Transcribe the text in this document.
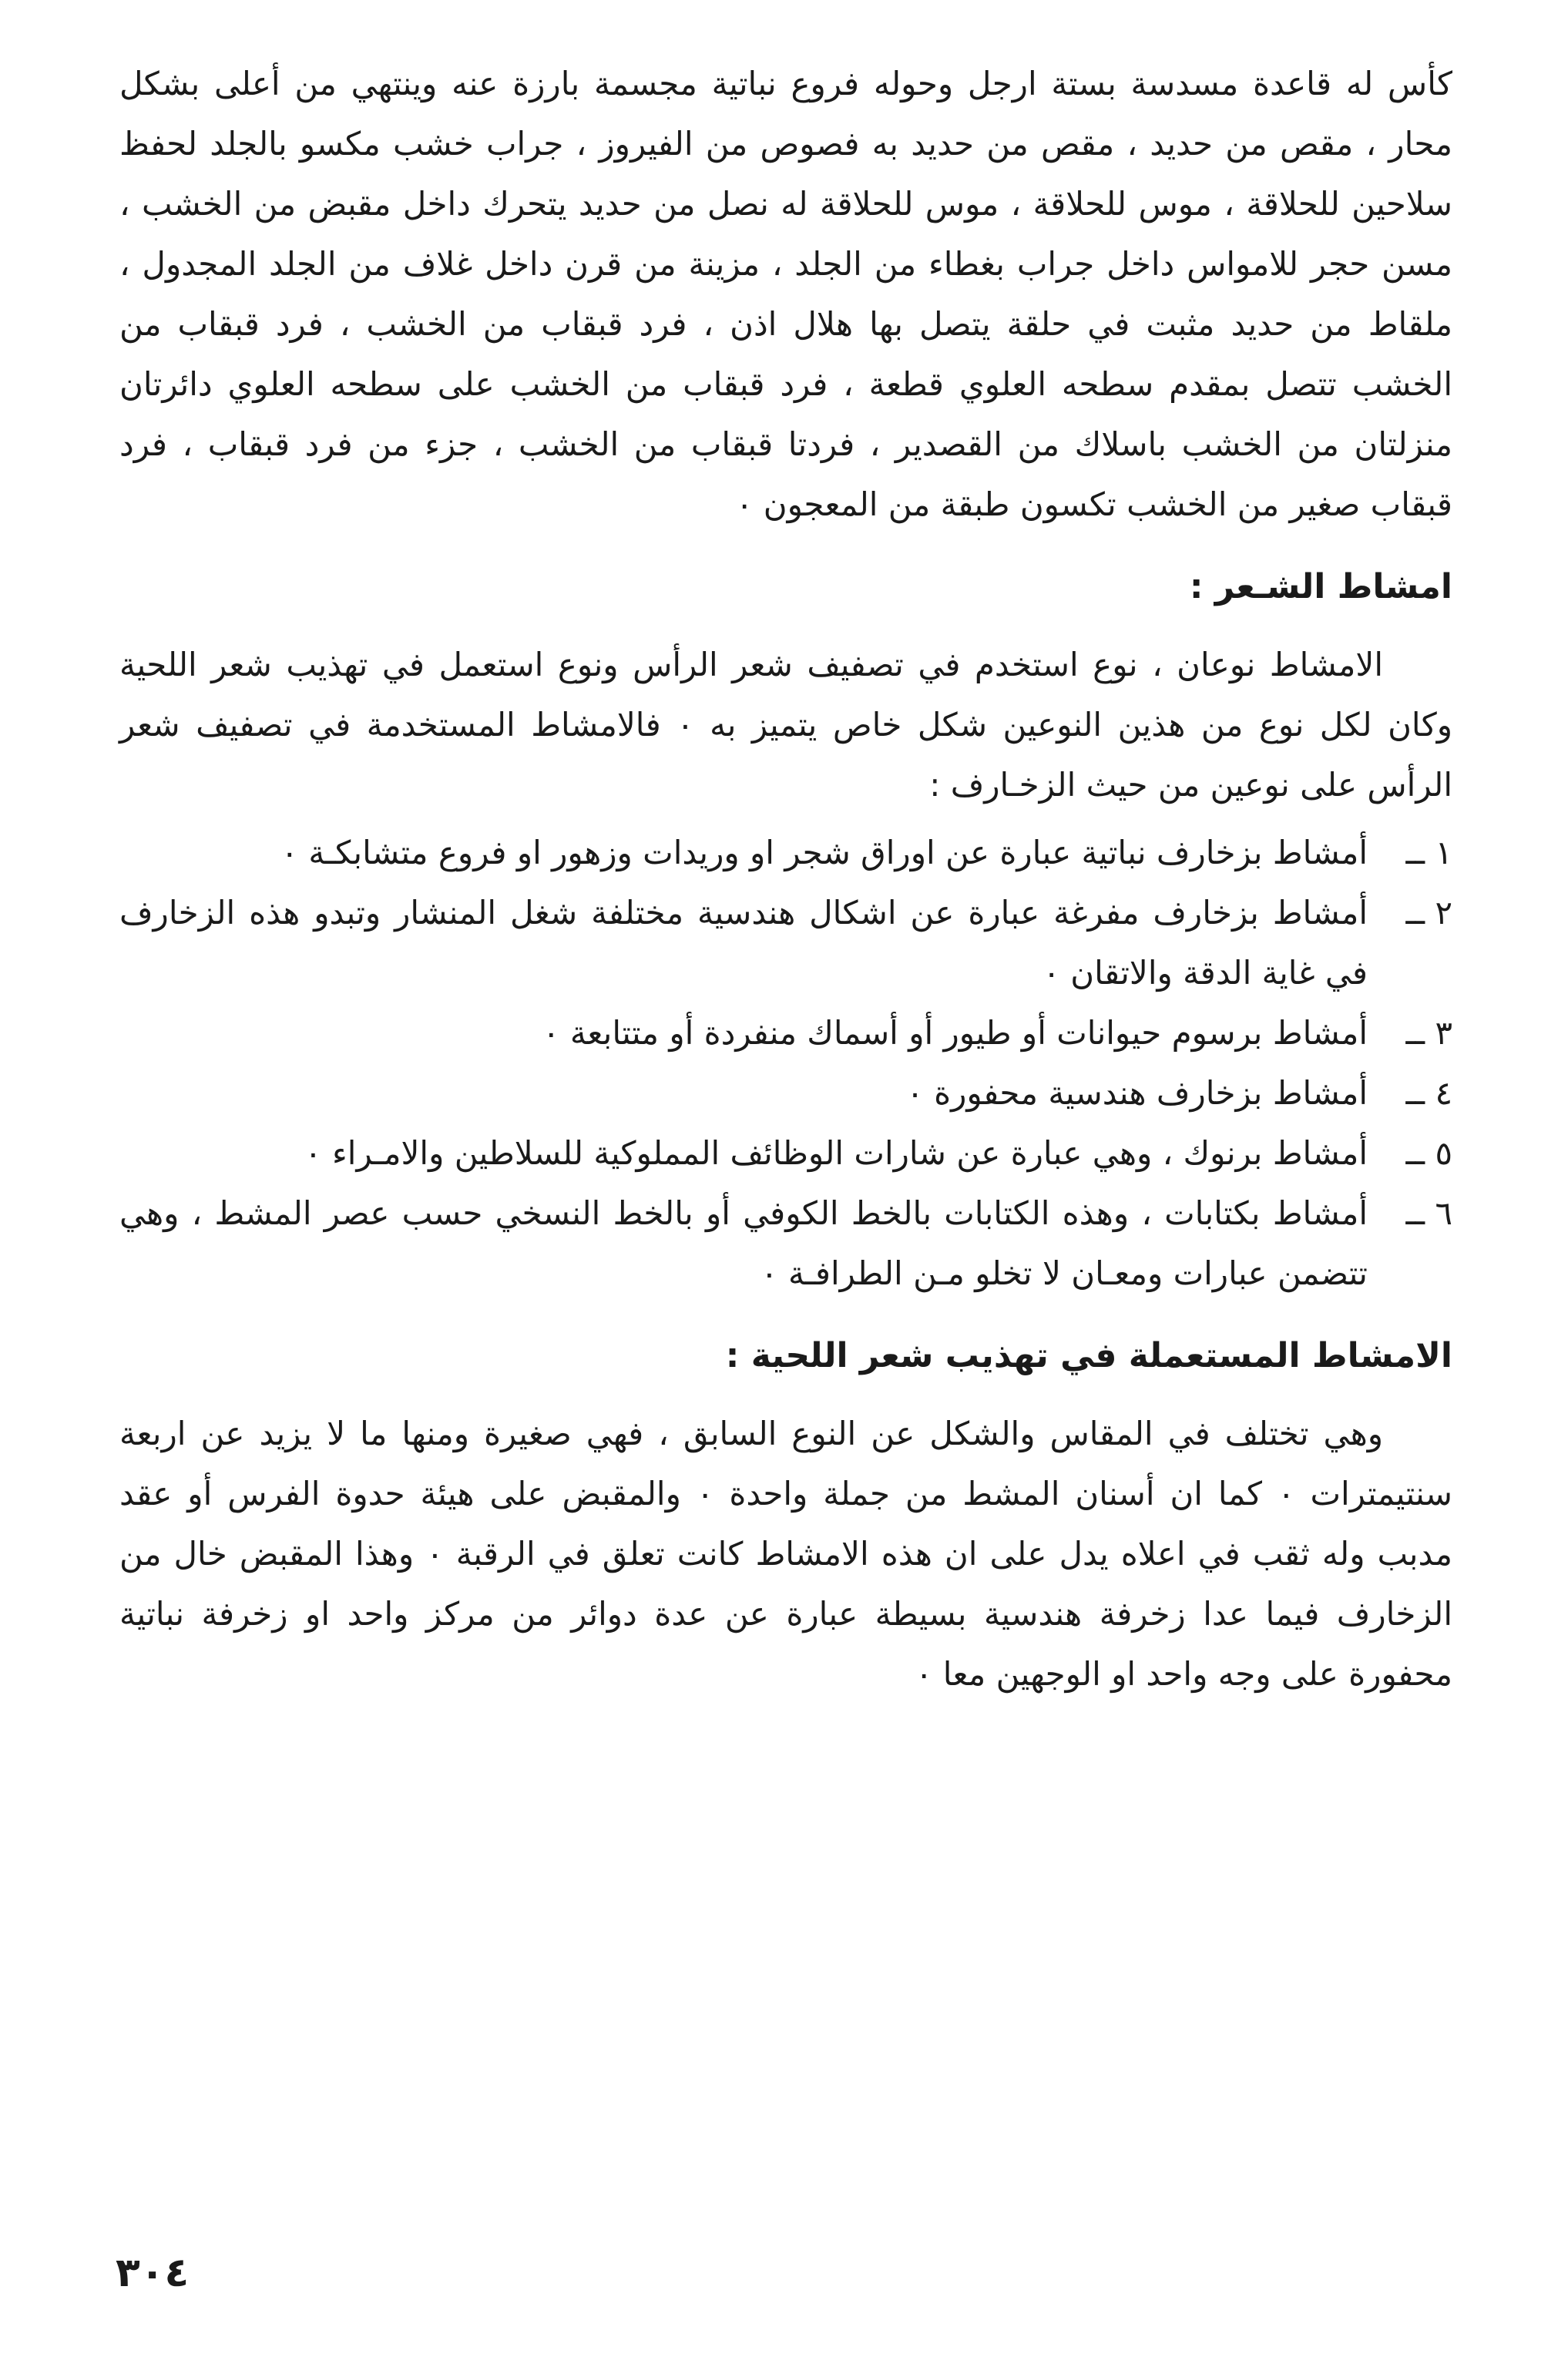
كأس له قاعدة مسدسة بستة ارجل وحوله فروع نباتية مجسمة بارزة عنه وينتهي من أعلى بشكل محار ، مقص من حديد ، مقص من حديد به فصوص من الفيروز ، جراب خشب مكسو بالجلد لحفظ سلاحين للحلاقة ، موس للحلاقة ، موس للحلاقة له نصل من حديد يتحرك داخل مقبض من الخشب ، مسن حجر للامواس داخل جراب بغطاء من الجلد ، مزينة من قرن داخل غلاف من الجلد المجدول ، ملقاط من حديد مثبت في حلقة يتصل بها هلال اذن ، فرد قبقاب من الخشب ، فرد قبقاب من الخشب تتصل بمقدم سطحه العلوي قطعة ، فرد قبقاب من الخشب على سطحه العلوي دائرتان منزلتان من الخشب باسلاك من القصدير ، فردتا قبقاب من الخشب ، جزء من فرد قبقاب ، فرد قبقاب صغير من الخشب تكسون طبقة من المعجون ٠

امشاط الشـعر :

الامشاط نوعان ، نوع استخدم في تصفيف شعر الرأس ونوع استعمل في تهذيب شعر اللحية وكان لكل نوع من هذين النوعين شكل خاص يتميز به ٠ فالامشاط المستخدمة في تصفيف شعر الرأس على نوعين من حيث الزخـارف :

١ ــ
أمشاط بزخارف نباتية عبارة عن اوراق شجر او وريدات وزهور او فروع متشابكـة ٠
٢ ــ
أمشاط بزخارف مفرغة عبارة عن اشكال هندسية مختلفة شغل المنشار وتبدو هذه الزخارف في غاية الدقة والاتقان ٠
٣ ــ
أمشاط برسوم حيوانات أو طيور أو أسماك منفردة أو متتابعة ٠
٤ ــ
أمشاط بزخارف هندسية محفورة ٠
٥ ــ
أمشاط برنوك ، وهي عبارة عن شارات الوظائف المملوكية للسلاطين والامـراء ٠
٦ ــ
أمشاط بكتابات ، وهذه الكتابات بالخط الكوفي أو بالخط النسخي حسب عصر المشط ، وهي تتضمن عبارات ومعـان لا تخلو مـن الطرافـة ٠
الامشاط المستعملة في تهذيب شعر اللحية :

وهي تختلف في المقاس والشكل عن النوع السابق ، فهي صغيرة ومنها ما لا يزيد عن اربعة سنتيمترات ٠ كما ان أسنان المشط من جملة واحدة ٠ والمقبض على هيئة حدوة الفرس أو عقد مدبب وله ثقب في اعلاه يدل على ان هذه الامشاط كانت تعلق في الرقبة ٠ وهذا المقبض خال من الزخارف فيما عدا زخرفة هندسية بسيطة عبارة عن عدة دوائر من مركز واحد او زخرفة نباتية محفورة على وجه واحد او الوجهين معا ٠

٣٠٤
